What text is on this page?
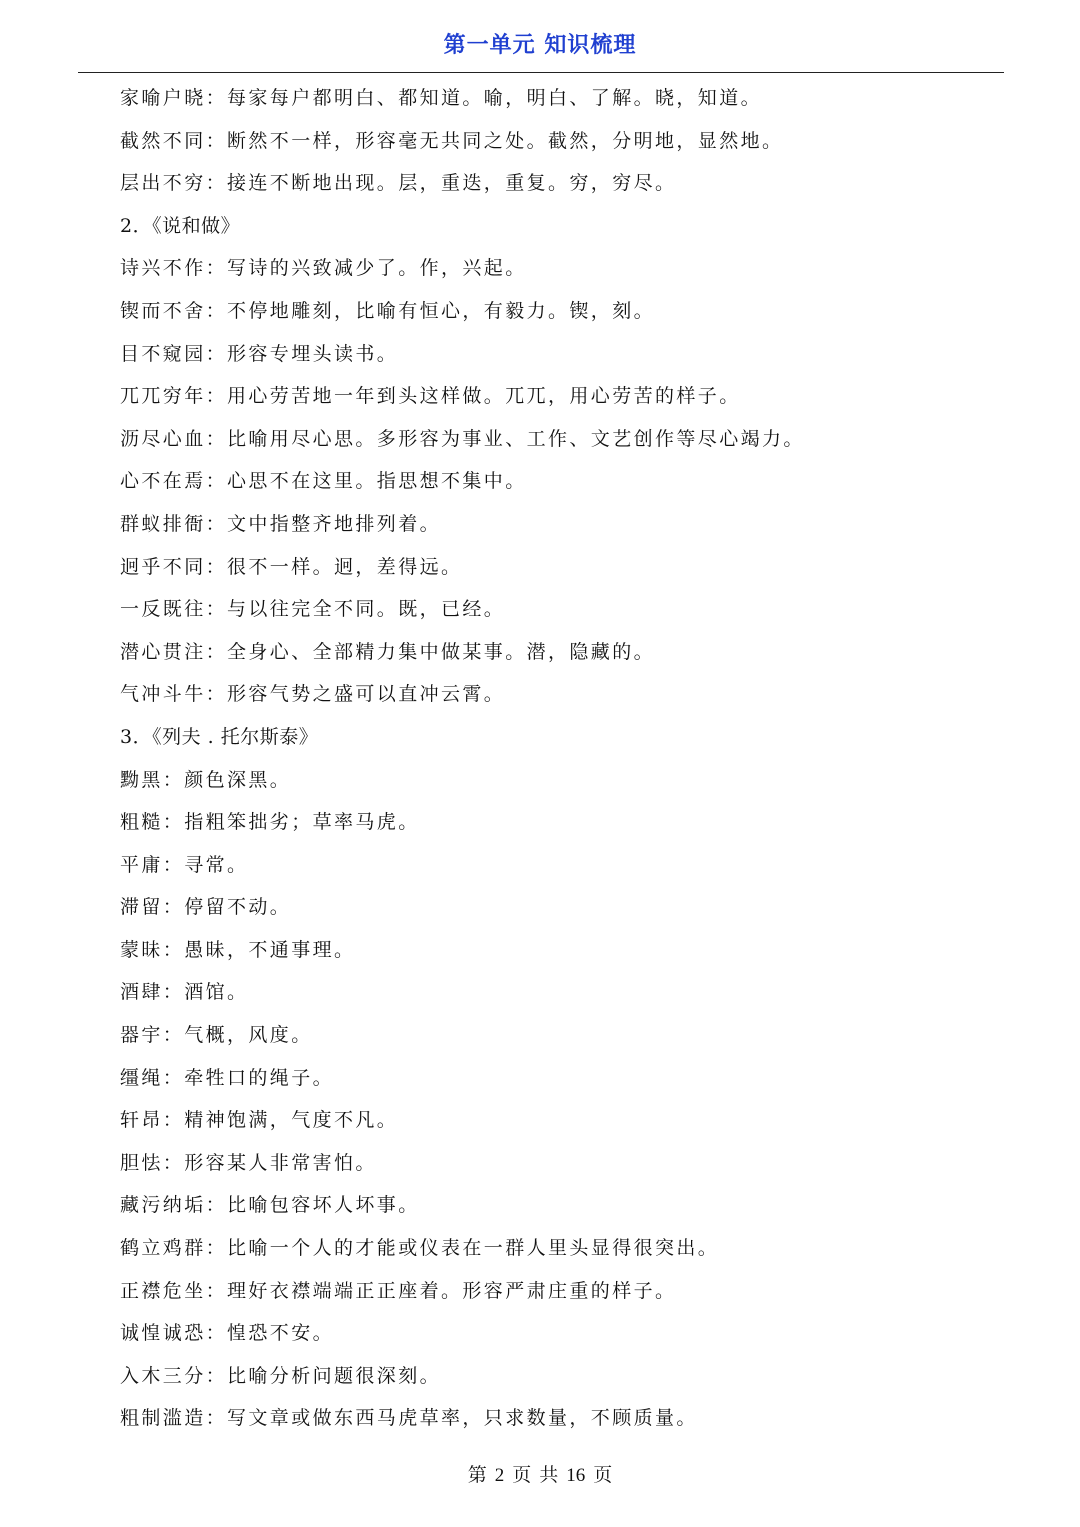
第一单元 知识梳理
家喻户晓：每家每户都明白、都知道。喻，明白、了解。晓，知道。
截然不同：断然不一样，形容毫无共同之处。截然，分明地，显然地。
层出不穷：接连不断地出现。层，重迭，重复。穷，穷尽。
2．《说和做》
诗兴不作：写诗的兴致减少了。作，兴起。
锲而不舍：不停地雕刻，比喻有恒心，有毅力。锲，刻。
目不窥园：形容专埋头读书。
兀兀穷年：用心劳苦地一年到头这样做。兀兀，用心劳苦的样子。
沥尽心血：比喻用尽心思。多形容为事业、工作、文艺创作等尽心竭力。
心不在焉：心思不在这里。指思想不集中。
群蚁排衙：文中指整齐地排列着。
迥乎不同：很不一样。迥，差得远。
一反既往：与以往完全不同。既，已经。
潜心贯注：全身心、全部精力集中做某事。潜，隐藏的。
气冲斗牛：形容气势之盛可以直冲云霄。
3．《列夫 . 托尔斯泰》
黝黑：颜色深黑。
粗糙：指粗笨拙劣；草率马虎。
平庸：寻常。
滞留：停留不动。
蒙昧：愚昧，不通事理。
酒肆：酒馆。
器宇：气概，风度。
缰绳：牵牲口的绳子。
轩昂：精神饱满，气度不凡。
胆怯：形容某人非常害怕。
藏污纳垢：比喻包容坏人坏事。
鹤立鸡群：比喻一个人的才能或仪表在一群人里头显得很突出。
正襟危坐：理好衣襟端端正正座着。形容严肃庄重的样子。
诚惶诚恐：惶恐不安。
入木三分：比喻分析问题很深刻。
粗制滥造：写文章或做东西马虎草率，只求数量，不顾质量。
第 2 页 共 16 页
